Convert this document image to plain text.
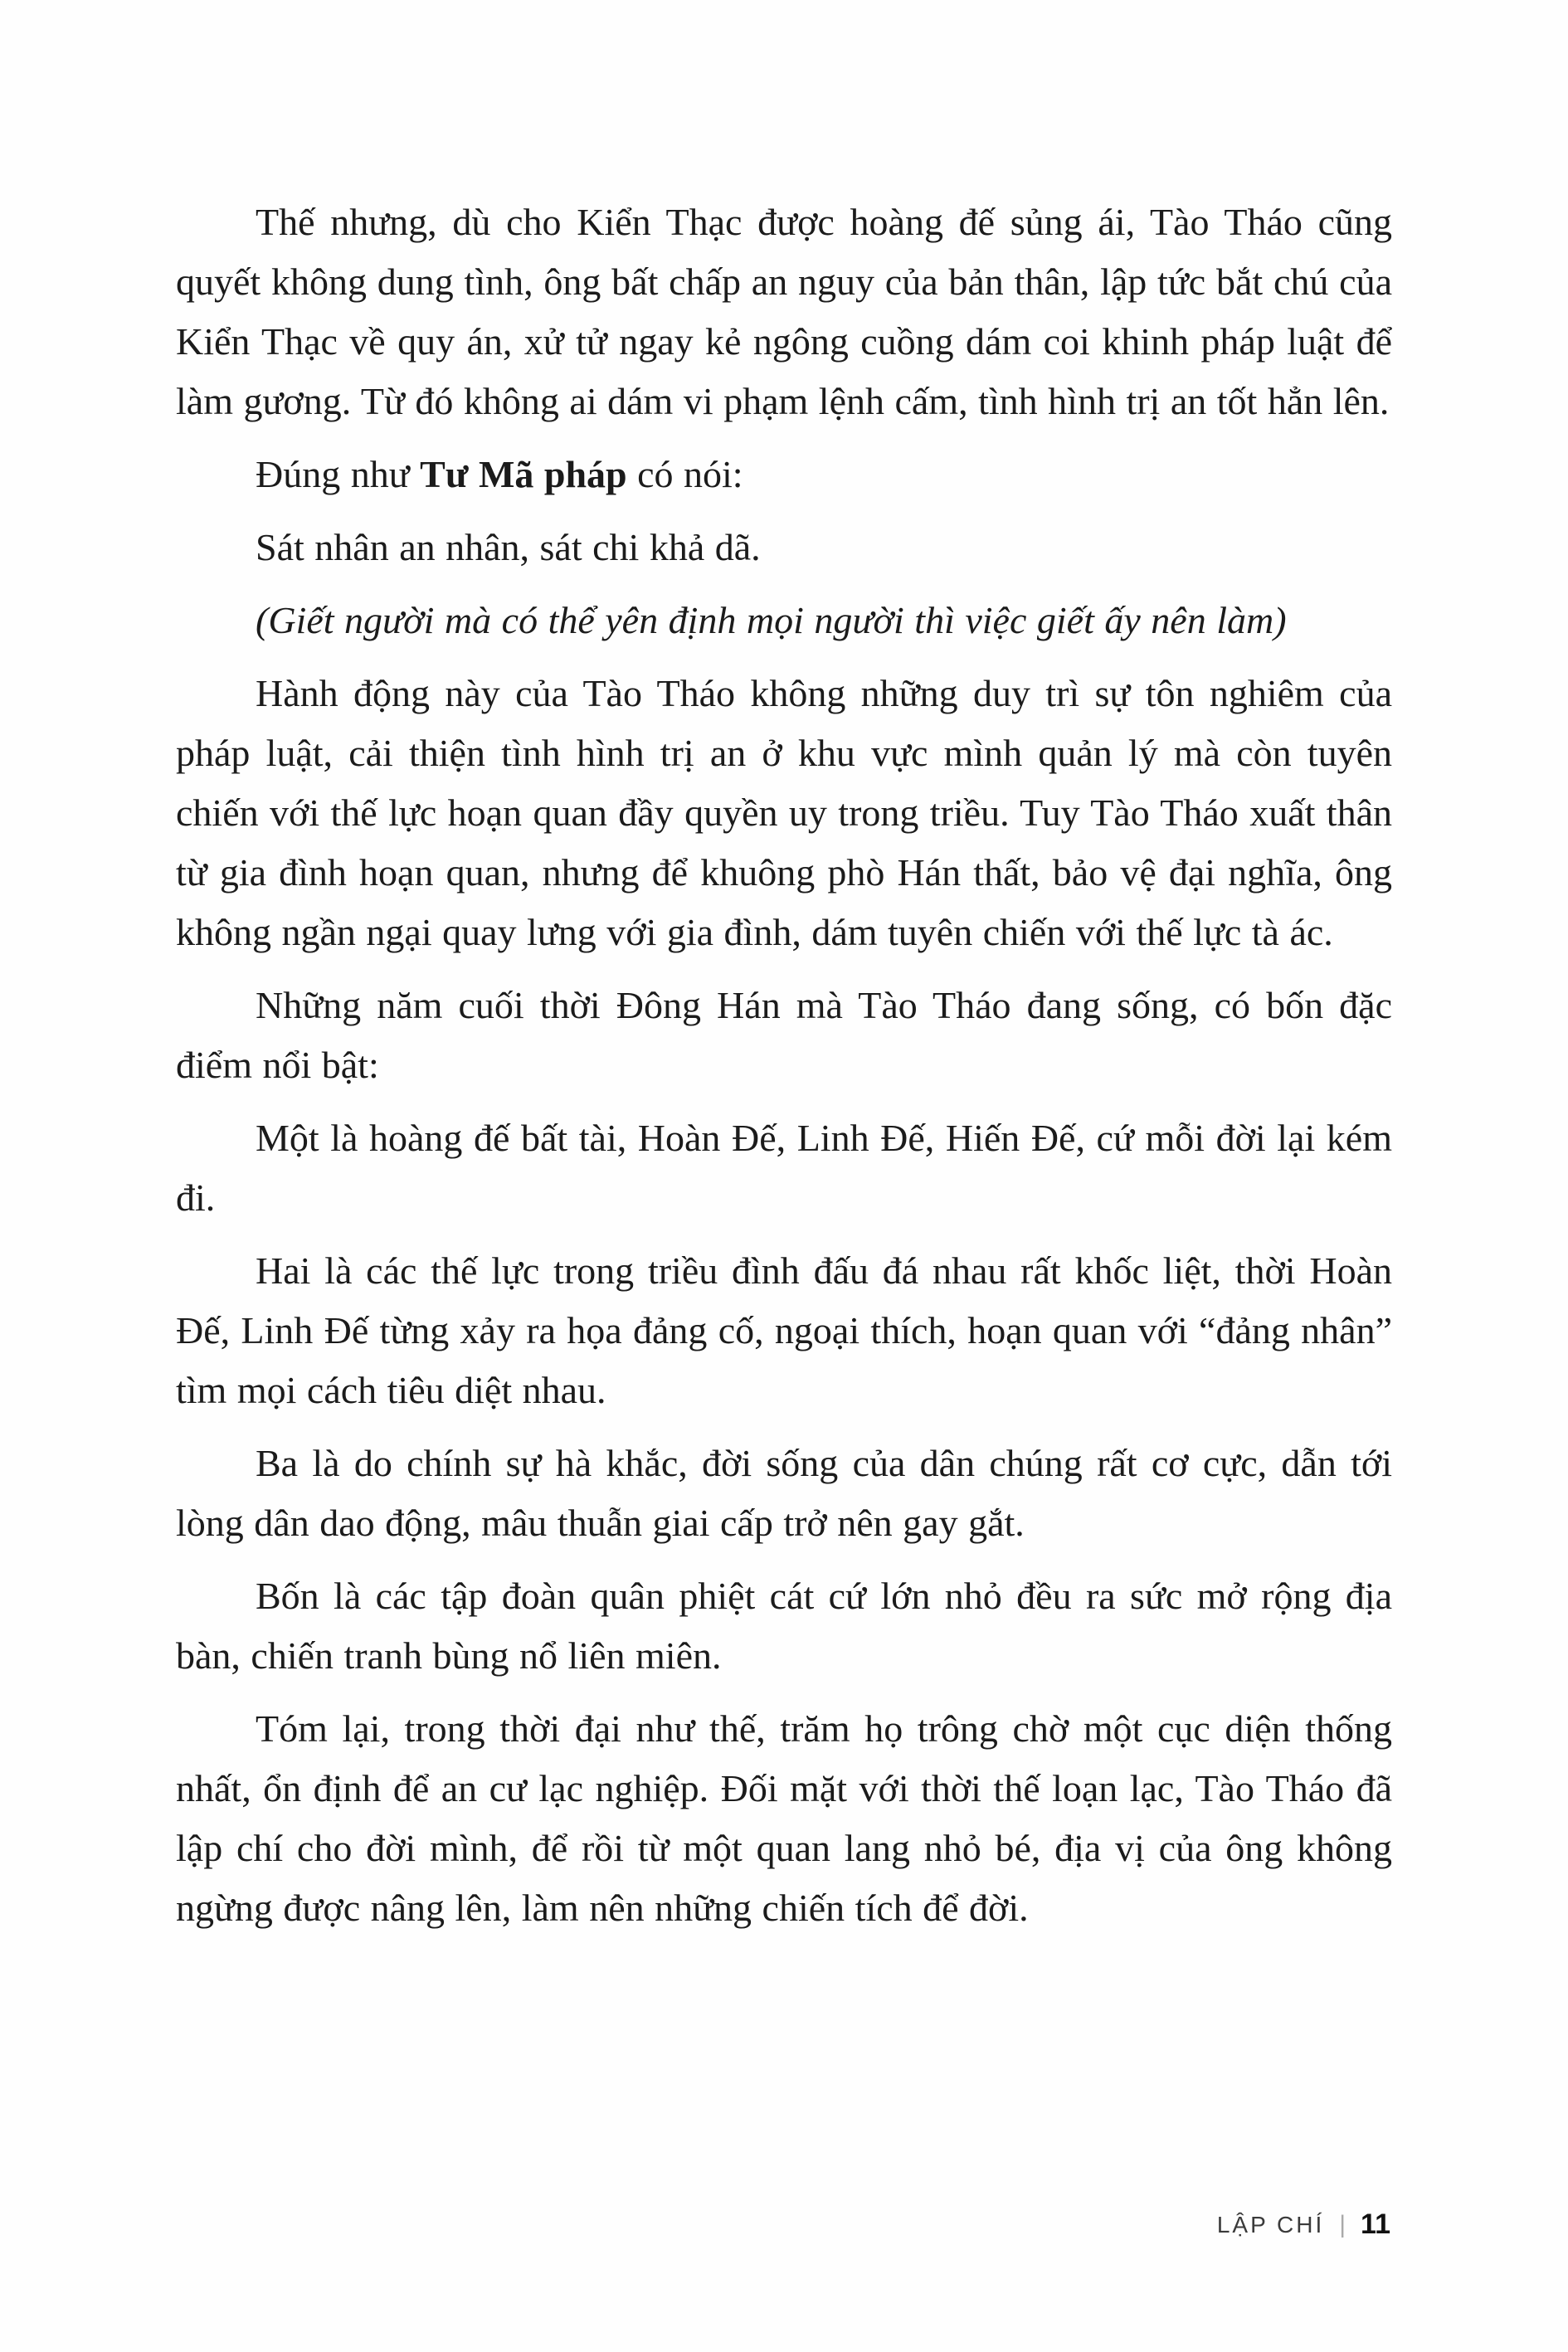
Thế nhưng, dù cho Kiển Thạc được hoàng đế sủng ái, Tào Tháo cũng quyết không dung tình, ông bất chấp an nguy của bản thân, lập tức bắt chú của Kiển Thạc về quy án, xử tử ngay kẻ ngông cuồng dám coi khinh pháp luật để làm gương. Từ đó không ai dám vi phạm lệnh cấm, tình hình trị an tốt hẳn lên.

Đúng như Tư Mã pháp có nói:

Sát nhân an nhân, sát chi khả dã.

(Giết người mà có thể yên định mọi người thì việc giết ấy nên làm)

Hành động này của Tào Tháo không những duy trì sự tôn nghiêm của pháp luật, cải thiện tình hình trị an ở khu vực mình quản lý mà còn tuyên chiến với thế lực hoạn quan đầy quyền uy trong triều. Tuy Tào Tháo xuất thân từ gia đình hoạn quan, nhưng để khuông phò Hán thất, bảo vệ đại nghĩa, ông không ngần ngại quay lưng với gia đình, dám tuyên chiến với thế lực tà ác.

Những năm cuối thời Đông Hán mà Tào Tháo đang sống, có bốn đặc điểm nổi bật:

Một là hoàng đế bất tài, Hoàn Đế, Linh Đế, Hiến Đế, cứ mỗi đời lại kém đi.

Hai là các thế lực trong triều đình đấu đá nhau rất khốc liệt, thời Hoàn Đế, Linh Đế từng xảy ra họa đảng cố, ngoại thích, hoạn quan với “đảng nhân” tìm mọi cách tiêu diệt nhau.

Ba là do chính sự hà khắc, đời sống của dân chúng rất cơ cực, dẫn tới lòng dân dao động, mâu thuẫn giai cấp trở nên gay gắt.

Bốn là các tập đoàn quân phiệt cát cứ lớn nhỏ đều ra sức mở rộng địa bàn, chiến tranh bùng nổ liên miên.

Tóm lại, trong thời đại như thế, trăm họ trông chờ một cục diện thống nhất, ổn định để an cư lạc nghiệp. Đối mặt với thời thế loạn lạc, Tào Tháo đã lập chí cho đời mình, để rồi từ một quan lang nhỏ bé, địa vị của ông không ngừng được nâng lên, làm nên những chiến tích để đời.

LẬP CHÍ | 11
